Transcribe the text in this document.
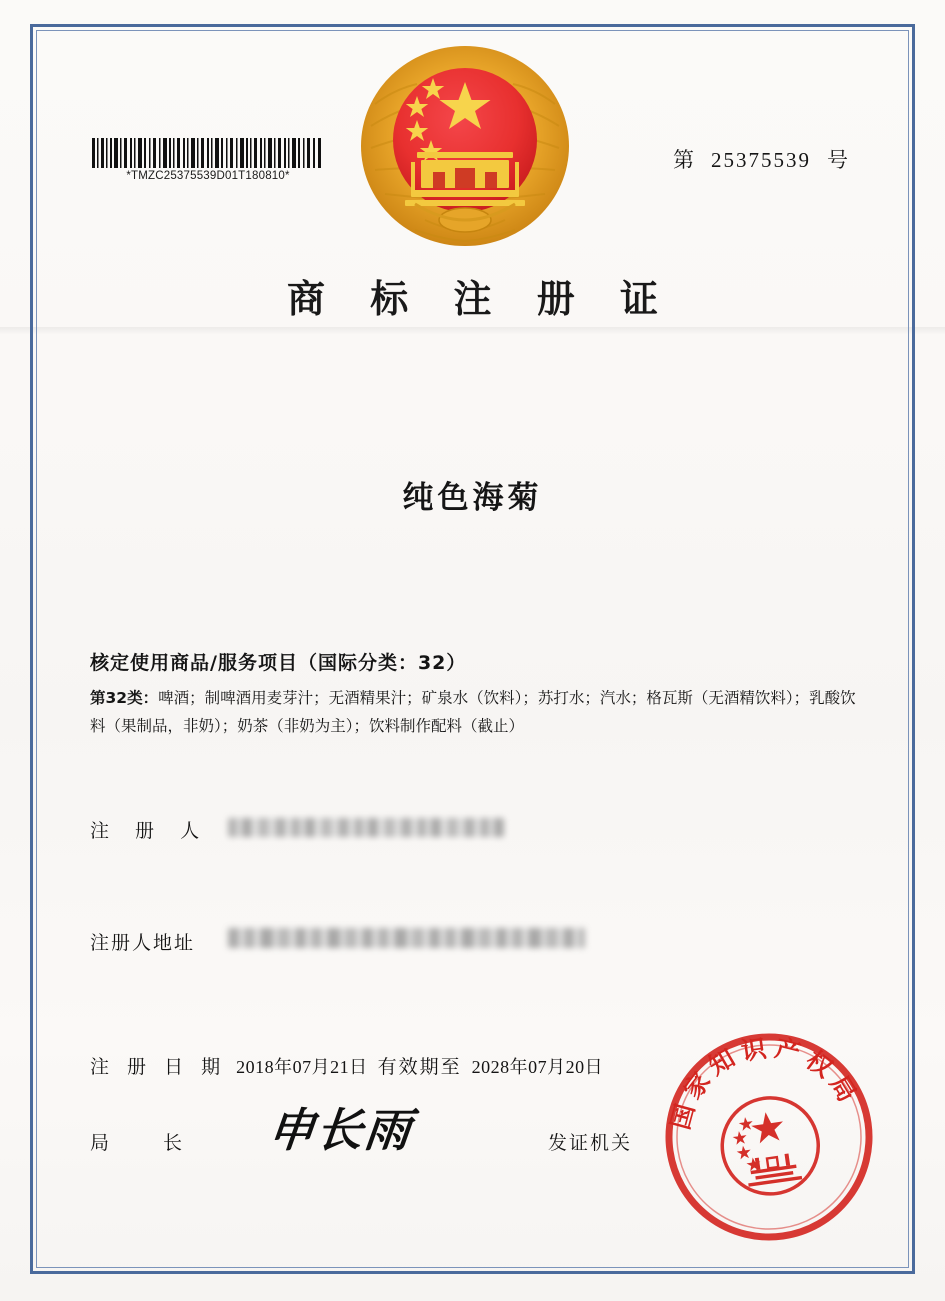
*TMZC25375539D01T180810*
第 25375539 号
商 标 注 册 证
纯色海菊
核定使用商品/服务项目（国际分类：32）
第32类：啤酒；制啤酒用麦芽汁；无酒精果汁；矿泉水（饮料）；苏打水；汽水；格瓦斯（无酒精饮料）；乳酸饮料（果制品，非奶）；奶茶（非奶为主）；饮料制作配料（截止）
注 册 人
注册人地址
注 册 日 期 2018年07月21日 有效期至 2028年07月20日
局 长 申长雨	发证机关
国家知识产权局
